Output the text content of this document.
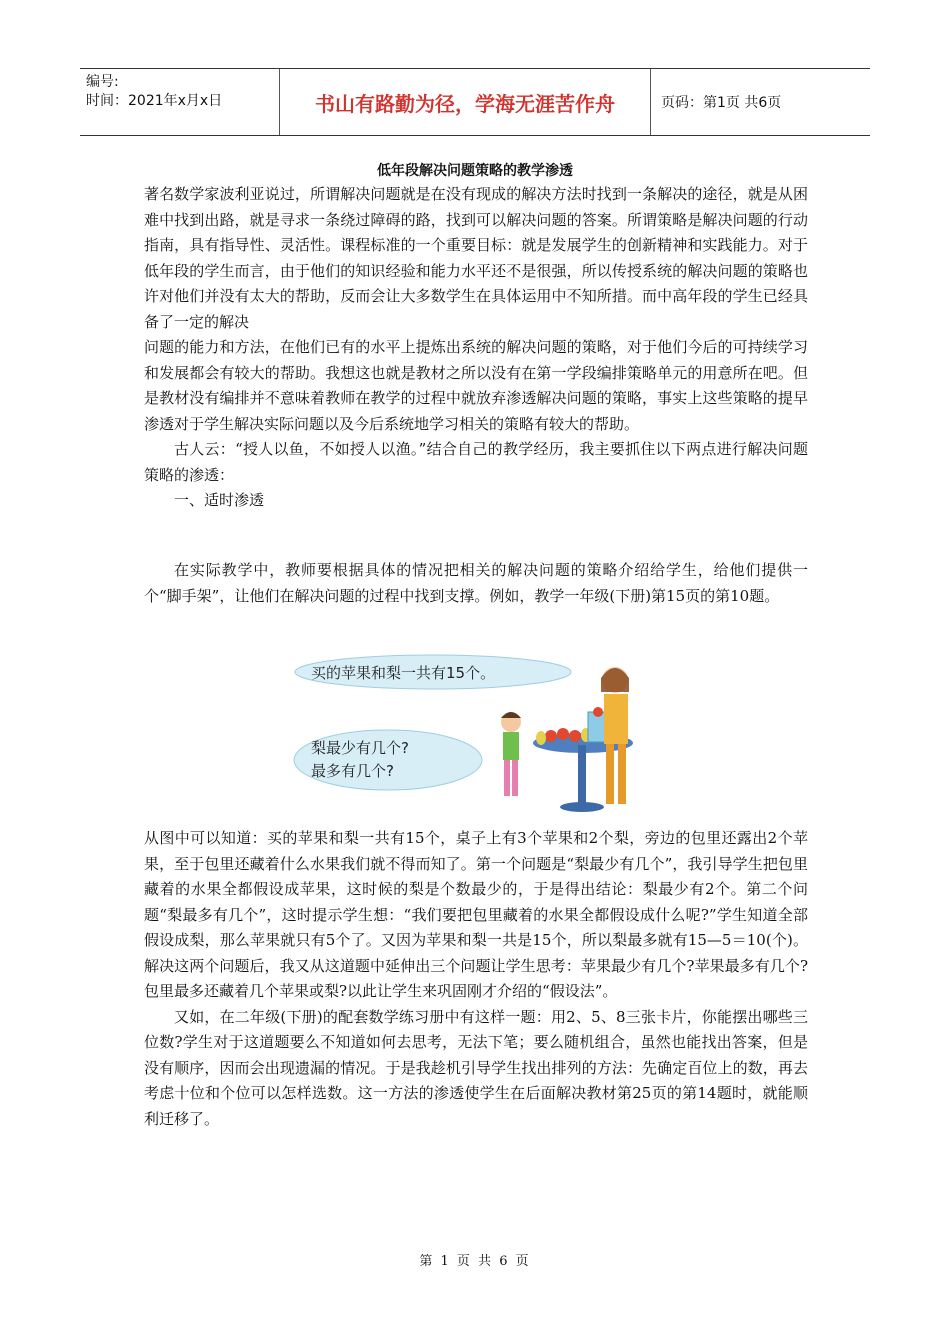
编号:
时间：2021年x月x日	书山有路勤为径，学海无涯苦作舟	页码：第1页 共6页
低年段解决问题策略的教学渗透

著名数学家波利亚说过，所谓解决问题就是在没有现成的解决方法时找到一条解决的途径，就是从困难中找到出路，就是寻求一条绕过障碍的路，找到可以解决问题的答案。所谓策略是解决问题的行动指南，具有指导性、灵活性。课程标准的一个重要目标：就是发展学生的创新精神和实践能力。对于低年段的学生而言，由于他们的知识经验和能力水平还不是很强，所以传授系统的解决问题的策略也许对他们并没有太大的帮助，反而会让大多数学生在具体运用中不知所措。而中高年段的学生已经具备了一定的解决

问题的能力和方法，在他们已有的水平上提炼出系统的解决问题的策略，对于他们今后的可持续学习和发展都会有较大的帮助。我想这也就是教材之所以没有在第一学段编排策略单元的用意所在吧。但是教材没有编排并不意味着教师在教学的过程中就放弃渗透解决问题的策略，事实上这些策略的提早渗透对于学生解决实际问题以及今后系统地学习相关的策略有较大的帮助。

古人云：“授人以鱼，不如授人以渔。”结合自己的教学经历，我主要抓住以下两点进行解决问题策略的渗透：

一、适时渗透

在实际教学中，教师要根据具体的情况把相关的解决问题的策略介绍给学生，给他们提供一个“脚手架”，让他们在解决问题的过程中找到支撑。例如，教学一年级(下册)第15页的第10题。

买的苹果和梨一共有15个。
梨最少有几个?
最多有几个?

从图中可以知道：买的苹果和梨一共有15个，桌子上有3个苹果和2个梨，旁边的包里还露出2个苹果，至于包里还藏着什么水果我们就不得而知了。第一个问题是“梨最少有几个”，我引导学生把包里藏着的水果全都假设成苹果，这时候的梨是个数最少的，于是得出结论：梨最少有2个。第二个问题“梨最多有几个”，这时提示学生想：“我们要把包里藏着的水果全都假设成什么呢?”学生知道全部假设成梨，那么苹果就只有5个了。又因为苹果和梨一共是15个，所以梨最多就有15—5＝10(个)。解决这两个问题后，我又从这道题中延伸出三个问题让学生思考：苹果最少有几个?苹果最多有几个?包里最多还藏着几个苹果或梨?以此让学生来巩固刚才介绍的“假设法”。

又如，在二年级(下册)的配套数学练习册中有这样一题：用2、5、8三张卡片，你能摆出哪些三位数?学生对于这道题要么不知道如何去思考，无法下笔；要么随机组合，虽然也能找出答案，但是没有顺序，因而会出现遗漏的情况。于是我趁机引导学生找出排列的方法：先确定百位上的数，再去考虑十位和个位可以怎样选数。这一方法的渗透使学生在后面解决教材第25页的第14题时，就能顺利迁移了。

第 1 页 共 6 页
